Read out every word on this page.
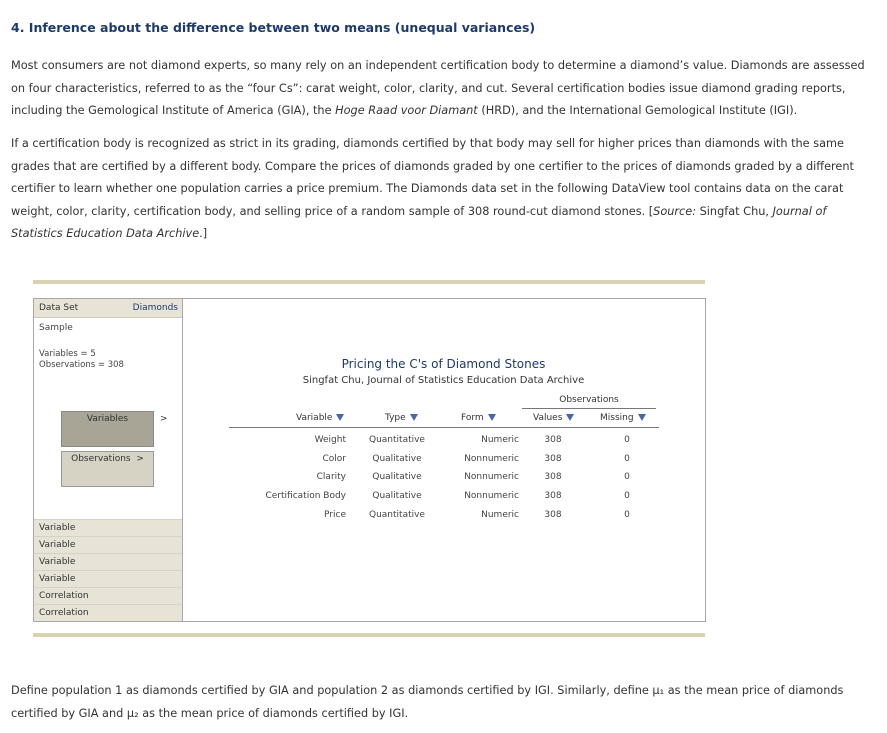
4. Inference about the difference between two means (unequal variances)

Most consumers are not diamond experts, so many rely on an independent certification body to determine a diamond’s value. Diamonds are assessed on four characteristics, referred to as the “four Cs”: carat weight, color, clarity, and cut. Several certification bodies issue diamond grading reports, including the Gemological Institute of America (GIA), the Hoge Raad voor Diamant (HRD), and the International Gemological Institute (IGI).

If a certification body is recognized as strict in its grading, diamonds certified by that body may sell for higher prices than diamonds with the same grades that are certified by a different body. Compare the prices of diamonds graded by one certifier to the prices of diamonds graded by a different certifier to learn whether one population carries a price premium. The Diamonds data set in the following DataView tool contains data on the carat weight, color, clarity, certification body, and selling price of a random sample of 308 round-cut diamond stones. [Source: Singfat Chu, Journal of Statistics Education Data Archive.]

Data Set	Diamonds
Sample
Variables = 5
Observations = 308
Variables	>
Observations >
Variable
Variable
Variable
Variable
Correlation
Correlation
Pricing the C's of Diamond Stones
Singfat Chu, Journal of Statistics Education Data Archive
Observations
Variable	Type	Form	Values	Missing
Weight	Quantitative	Numeric	308	0
Color	Qualitative	Nonnumeric	308	0
Clarity	Qualitative	Nonnumeric	308	0
Certification Body	Qualitative	Nonnumeric	308	0
Price	Quantitative	Numeric	308	0

Define population 1 as diamonds certified by GIA and population 2 as diamonds certified by IGI. Similarly, define μ₁ as the mean price of diamonds certified by GIA and μ₂ as the mean price of diamonds certified by IGI.
